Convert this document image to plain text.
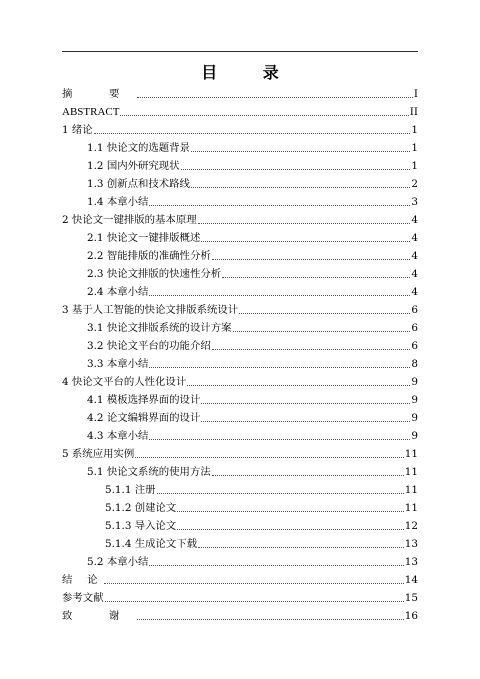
目 录
摘 要	I
ABSTRACT	II
1 绪论	1
1.1 快论文的选题背景	1
1.2 国内外研究现状	1
1.3 创新点和技术路线	2
1.4 本章小结	3
2 快论文一键排版的基本原理	4
2.1 快论文一键排版概述	4
2.2 智能排版的准确性分析	4
2.3 快论文排版的快速性分析	4
2.4 本章小结	4
3 基于人工智能的快论文排版系统设计	6
3.1 快论文排版系统的设计方案	6
3.2 快论文平台的功能介绍	6
3.3 本章小结	8
4 快论文平台的人性化设计	9
4.1 模板选择界面的设计	9
4.2 论文编辑界面的设计	9
4.3 本章小结	9
5 系统应用实例	11
5.1 快论文系统的使用方法	11
5.1.1 注册	11
5.1.2 创建论文	11
5.1.3 导入论文	12
5.1.4 生成论文下载	13
5.2 本章小结	13
结 论	14
参考文献	15
致 谢	16
